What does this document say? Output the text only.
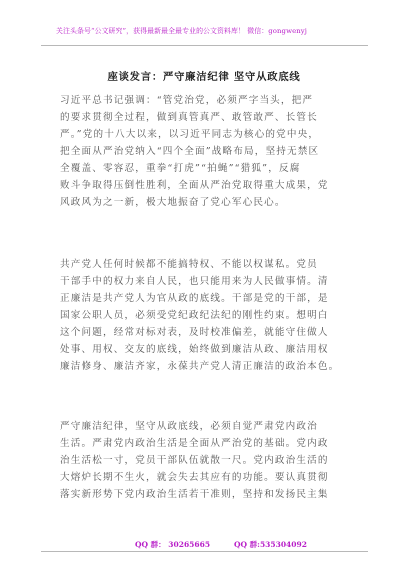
关注头条号“公文研究”，获得最新最全最专业的公文资料库！ 微信：gongwenyj
座谈发言：严守廉洁纪律 坚守从政底线
习近平总书记强调：“管党治党，必须严字当头，把严
的要求贯彻全过程，做到真管真严、敢管敢严、长管长
严。”党的十八大以来，以习近平同志为核心的党中央，
把全面从严治党纳入“四个全面”战略布局，坚持无禁区
全覆盖、零容忍，重拳“打虎”“拍蝇”“猎狐”，反腐
败斗争取得压倒性胜利，全面从严治党取得重大成果，党
风政风为之一新，极大地振奋了党心军心民心。
共产党人任何时候都不能搞特权、不能以权谋私。党员
干部手中的权力来自人民，也只能用来为人民做事情。清
正廉洁是共产党人为官从政的底线。干部是党的干部，是
国家公职人员，必须受党纪政纪法纪的刚性约束。想明白
这个问题，经常对标对表，及时校准偏差，就能守住做人
处事、用权、交友的底线，始终做到廉洁从政、廉洁用权
廉洁修身、廉洁齐家，永葆共产党人清正廉洁的政治本色。
严守廉洁纪律，坚守从政底线，必须自觉严肃党内政治
生活。严肃党内政治生活是全面从严治党的基础。党内政
治生活松一寸，党员干部队伍就散一尺。党内政治生活的
大熔炉长期不生火，就会失去其应有的功能。要认真贯彻
落实新形势下党内政治生活若干准则，坚持和发扬民主集
QQ 群： 30265665	QQ 群:535304092
